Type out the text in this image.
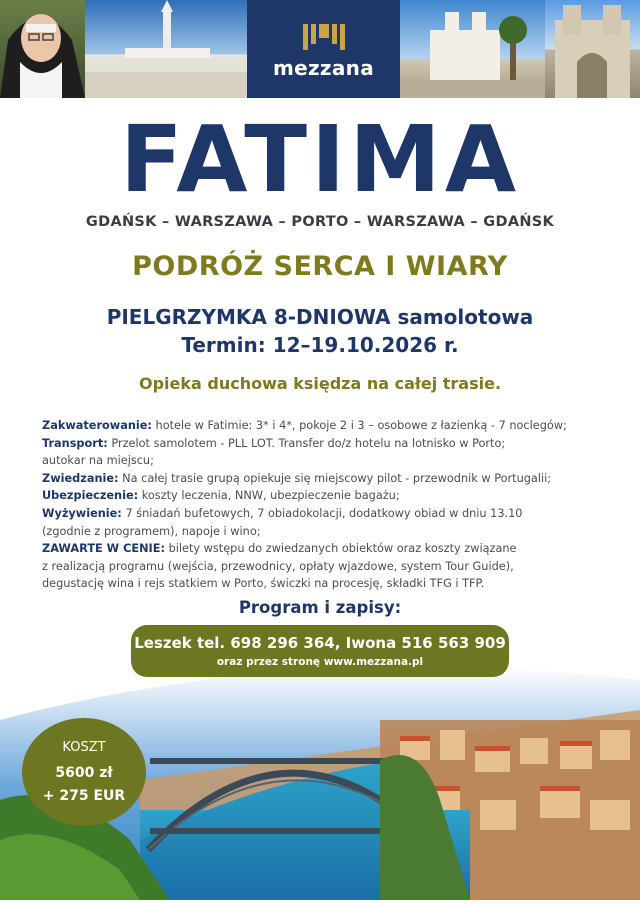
mezzana
FATIMA
GDAŃSK – WARSZAWA – PORTO – WARSZAWA – GDAŃSK
PODRÓŻ SERCA I WIARY
PIELGRZYMKA 8-DNIOWA samolotowa
Termin: 12–19.10.2026 r.
Opieka duchowa księdza na całej trasie.
Zakwaterowanie: hotele w Fatimie: 3* i 4*, pokoje 2 i 3 – osobowe z łazienką - 7 noclegów;
Transport: Przelot samolotem - PLL LOT. Transfer do/z hotelu na lotnisko w Porto;
autokar na miejscu;
Zwiedzanie: Na całej trasie grupą opiekuje się miejscowy pilot - przewodnik w Portugalii;
Ubezpieczenie: koszty leczenia, NNW, ubezpieczenie bagażu;
Wyżywienie: 7 śniadań bufetowych, 7 obiadokolacji, dodatkowy obiad w dniu 13.10
(zgodnie z programem), napoje i wino;
ZAWARTE W CENIE: bilety wstępu do zwiedzanych obiektów oraz koszty związane
z realizacją programu (wejścia, przewodnicy, opłaty wjazdowe, system Tour Guide),
degustację wina i rejs statkiem w Porto, świczki na procesję, składki TFG i TFP.
Program i zapisy:
Leszek tel. 698 296 364, Iwona 516 563 909
oraz przez stronę www.mezzana.pl
KOSZT
5600 zł
+ 275 EUR
